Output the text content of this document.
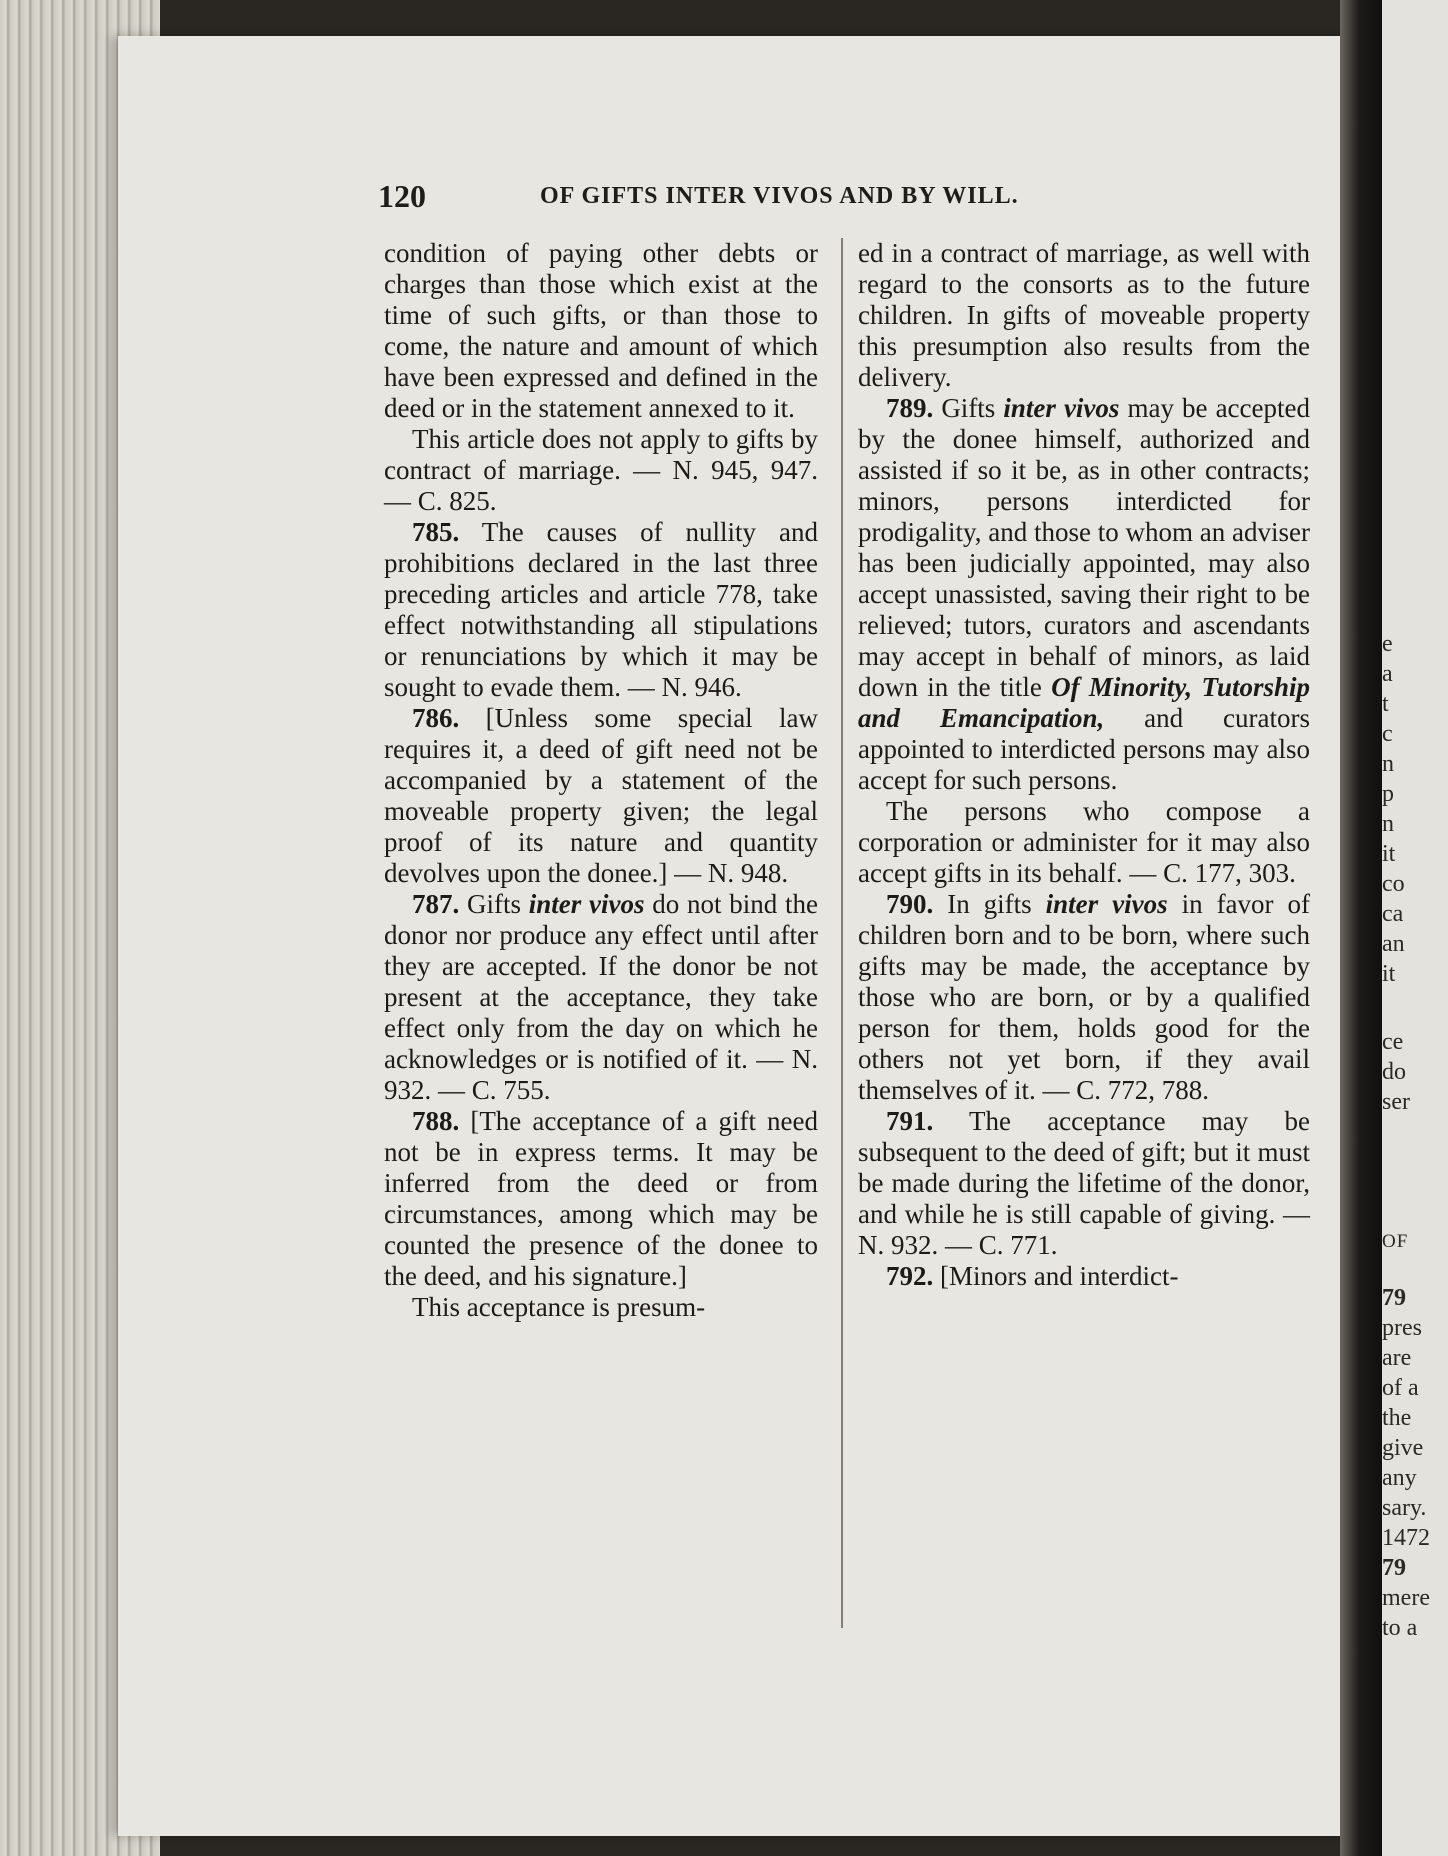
120	OF GIFTS INTER VIVOS AND BY WILL.

condition of paying other debts or charges than those which exist at the time of such gifts, or than those to come, the nature and amount of which have been expressed and defined in the deed or in the statement annexed to it.

This article does not apply to gifts by contract of marriage. — N. 945, 947. — C. 825.

785. The causes of nullity and prohibitions declared in the last three preceding articles and article 778, take effect notwithstanding all stipulations or renunciations by which it may be sought to evade them. — N. 946.

786. [Unless some special law requires it, a deed of gift need not be accompanied by a statement of the moveable property given; the legal proof of its nature and quantity devolves upon the donee.] — N. 948.

787. Gifts inter vivos do not bind the donor nor produce any effect until after they are accepted. If the donor be not present at the acceptance, they take effect only from the day on which he acknowledges or is notified of it. — N. 932. — C. 755.

788. [The acceptance of a gift need not be in express terms. It may be inferred from the deed or from circumstances, among which may be counted the presence of the donee to the deed, and his signature.]

This acceptance is presum-

ed in a contract of marriage, as well with regard to the consorts as to the future children. In gifts of moveable property this presumption also results from the delivery.

789. Gifts inter vivos may be accepted by the donee himself, authorized and assisted if so it be, as in other contracts; minors, persons interdicted for prodigality, and those to whom an adviser has been judicially appointed, may also accept unassisted, saving their right to be relieved; tutors, curators and ascendants may accept in behalf of minors, as laid down in the title Of Minority, Tutorship and Emancipation, and curators appointed to interdicted persons may also accept for such persons.

The persons who compose a corporation or administer for it may also accept gifts in its behalf. — C. 177, 303.

790. In gifts inter vivos in favor of children born and to be born, where such gifts may be made, the acceptance by those who are born, or by a qualified person for them, holds good for the others not yet born, if they avail themselves of it. — C. 772, 788.

791. The acceptance may be subsequent to the deed of gift; but it must be made during the lifetime of the donor, and while he is still capable of giving. — N. 932. — C. 771.

792. [Minors and interdict-

e
a
t
c
n
p
n
it
co
ca
an
it
ce
do
ser
OF
79
pres
are
of a
the
give
any
sary.
1472
79
mere
to a
